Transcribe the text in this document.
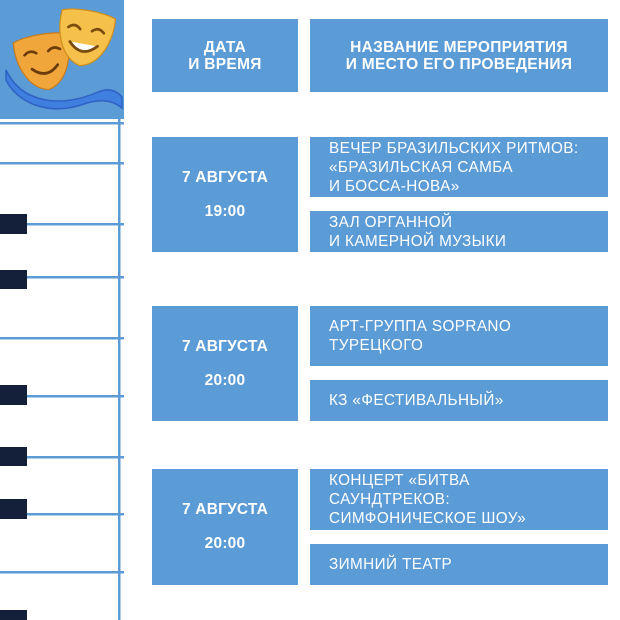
ДАТА
И ВРЕМЯ
НАЗВАНИЕ МЕРОПРИЯТИЯ
И МЕСТО ЕГО ПРОВЕДЕНИЯ
7 АВГУСТА
19:00
ВЕЧЕР БРАЗИЛЬСКИХ РИТМОВ:
«БРАЗИЛЬСКАЯ САМБА
И БОССА-НОВА»
ЗАЛ ОРГАННОЙ
И КАМЕРНОЙ МУЗЫКИ
7 АВГУСТА
20:00
АРТ-ГРУППА SOPRANO
ТУРЕЦКОГО
КЗ «ФЕСТИВАЛЬНЫЙ»
7 АВГУСТА
20:00
КОНЦЕРТ «БИТВА
САУНДТРЕКОВ:
СИМФОНИЧЕСКОЕ ШОУ»
ЗИМНИЙ ТЕАТР
